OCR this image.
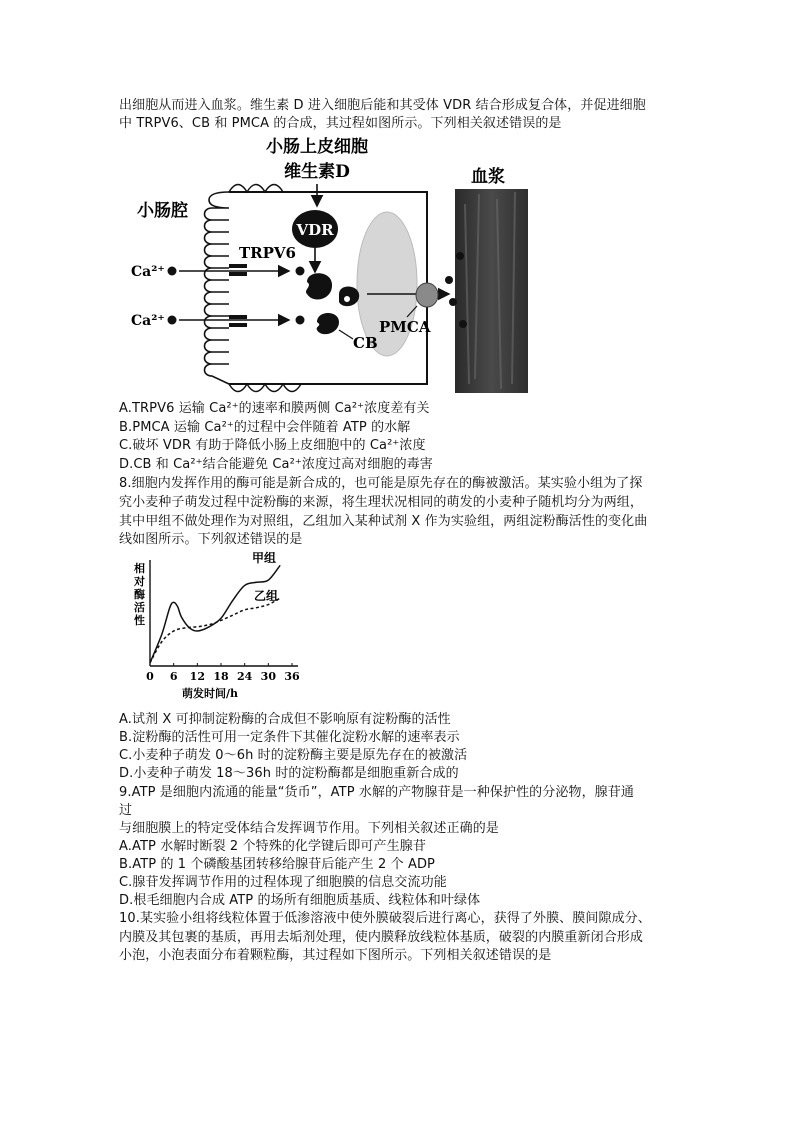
出细胞从而进入血浆。维生素 D 进入细胞后能和其受体 VDR 结合形成复合体，并促进细胞
中 TRPV6、CB 和 PMCA 的合成，其过程如图所示。下列相关叙述错误的是
VDR
小肠上皮细胞
维生素D
小肠腔
血浆
TRPV6
Ca²⁺
Ca²⁺
CB
PMCA
A.TRPV6 运输 Ca²⁺的速率和膜两侧 Ca²⁺浓度差有关
B.PMCA 运输 Ca²⁺的过程中会伴随着 ATP 的水解
C.破坏 VDR 有助于降低小肠上皮细胞中的 Ca²⁺浓度
D.CB 和 Ca²⁺结合能避免 Ca²⁺浓度过高对细胞的毒害
8.细胞内发挥作用的酶可能是新合成的，也可能是原先存在的酶被激活。某实验小组为了探
究小麦种子萌发过程中淀粉酶的来源，将生理状况相同的萌发的小麦种子随机均分为两组，
其中甲组不做处理作为对照组，乙组加入某种试剂 X 作为实验组，两组淀粉酶活性的变化曲
线如图所示。下列叙述错误的是
相对酶活性
萌发时间/h
0 6 12 18 24 30 36
甲组
乙组
A.试剂 X 可抑制淀粉酶的合成但不影响原有淀粉酶的活性
B.淀粉酶的活性可用一定条件下其催化淀粉水解的速率表示
C.小麦种子萌发 0～6h 时的淀粉酶主要是原先存在的被激活
D.小麦种子萌发 18～36h 时的淀粉酶都是细胞重新合成的
9.ATP 是细胞内流通的能量“货币”，ATP 水解的产物腺苷是一种保护性的分泌物，腺苷通
过
与细胞膜上的特定受体结合发挥调节作用。下列相关叙述正确的是
A.ATP 水解时断裂 2 个特殊的化学键后即可产生腺苷
B.ATP 的 1 个磷酸基团转移给腺苷后能产生 2 个 ADP
C.腺苷发挥调节作用的过程体现了细胞膜的信息交流功能
D.根毛细胞内合成 ATP 的场所有细胞质基质、线粒体和叶绿体
10.某实验小组将线粒体置于低渗溶液中使外膜破裂后进行离心，获得了外膜、膜间隙成分、
内膜及其包裹的基质，再用去垢剂处理，使内膜释放线粒体基质，破裂的内膜重新闭合形成
小泡，小泡表面分布着颗粒酶，其过程如下图所示。下列相关叙述错误的是
